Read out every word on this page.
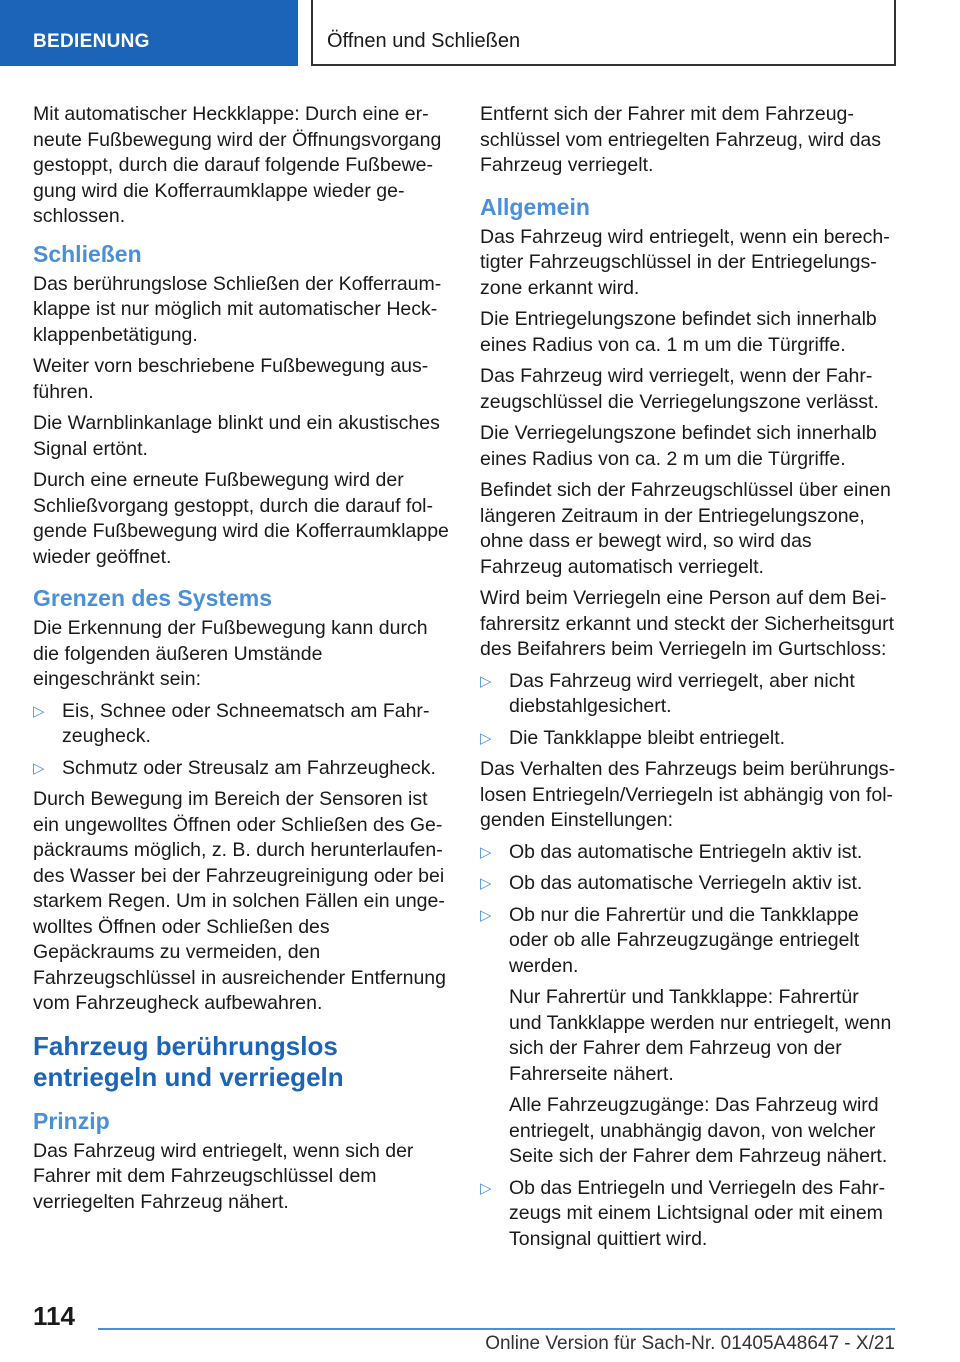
BEDIENUNG	Öffnen und Schließen

Mit automatischer Heckklappe: Durch eine erneute Fußbewegung wird der Öffnungsvorgang gestoppt, durch die darauf folgende Fußbewegung wird die Kofferraumklappe wieder geschlossen.

Schließen

Das berührungslose Schließen der Kofferraumklappe ist nur möglich mit automatischer Heckklappenbetätigung.

Weiter vorn beschriebene Fußbewegung ausführen.

Die Warnblinkanlage blinkt und ein akustisches Signal ertönt.

Durch eine erneute Fußbewegung wird der Schließvorgang gestoppt, durch die darauf folgende Fußbewegung wird die Kofferraumklappe wieder geöffnet.

Grenzen des Systems

Die Erkennung der Fußbewegung kann durch die folgenden äußeren Umstände eingeschränkt sein:

▷ Eis, Schnee oder Schneematsch am Fahrzeugheck.
▷ Schmutz oder Streusalz am Fahrzeugheck.

Durch Bewegung im Bereich der Sensoren ist ein ungewolltes Öffnen oder Schließen des Gepäckraums möglich, z. B. durch herunterlaufendes Wasser bei der Fahrzeugreinigung oder bei starkem Regen. Um in solchen Fällen ein ungewolltes Öffnen oder Schließen des Gepäckraums zu vermeiden, den Fahrzeugschlüssel in ausreichender Entfernung vom Fahrzeugheck aufbewahren.

Fahrzeug berührungslos entriegeln und verriegeln
Prinzip

Das Fahrzeug wird entriegelt, wenn sich der Fahrer mit dem Fahrzeugschlüssel dem verriegelten Fahrzeug nähert.

Entfernt sich der Fahrer mit dem Fahrzeugschlüssel vom entriegelten Fahrzeug, wird das Fahrzeug verriegelt.

Allgemein

Das Fahrzeug wird entriegelt, wenn ein berechtigter Fahrzeugschlüssel in der Entriegelungszone erkannt wird.

Die Entriegelungszone befindet sich innerhalb eines Radius von ca. 1 m um die Türgriffe.

Das Fahrzeug wird verriegelt, wenn der Fahrzeugschlüssel die Verriegelungszone verlässt.

Die Verriegelungszone befindet sich innerhalb eines Radius von ca. 2 m um die Türgriffe.

Befindet sich der Fahrzeugschlüssel über einen längeren Zeitraum in der Entriegelungszone, ohne dass er bewegt wird, so wird das Fahrzeug automatisch verriegelt.

Wird beim Verriegeln eine Person auf dem Beifahrersitz erkannt und steckt der Sicherheitsgurt des Beifahrers beim Verriegeln im Gurtschloss:

▷ Das Fahrzeug wird verriegelt, aber nicht diebstahlgesichert.
▷ Die Tankklappe bleibt entriegelt.

Das Verhalten des Fahrzeugs beim berührungslosen Entriegeln/Verriegeln ist abhängig von folgenden Einstellungen:

▷ Ob das automatische Entriegeln aktiv ist.
▷ Ob das automatische Verriegeln aktiv ist.
▷ Ob nur die Fahrertür und die Tankklappe oder ob alle Fahrzeugzugänge entriegelt werden.
Nur Fahrertür und Tankklappe: Fahrertür und Tankklappe werden nur entriegelt, wenn sich der Fahrer dem Fahrzeug von der Fahrerseite nähert.
Alle Fahrzeugzugänge: Das Fahrzeug wird entriegelt, unabhängig davon, von welcher Seite sich der Fahrer dem Fahrzeug nähert.
▷ Ob das Entriegeln und Verriegeln des Fahrzeugs mit einem Lichtsignal oder mit einem Tonsignal quittiert wird.
114
Online Version für Sach-Nr. 01405A48647 - X/21
